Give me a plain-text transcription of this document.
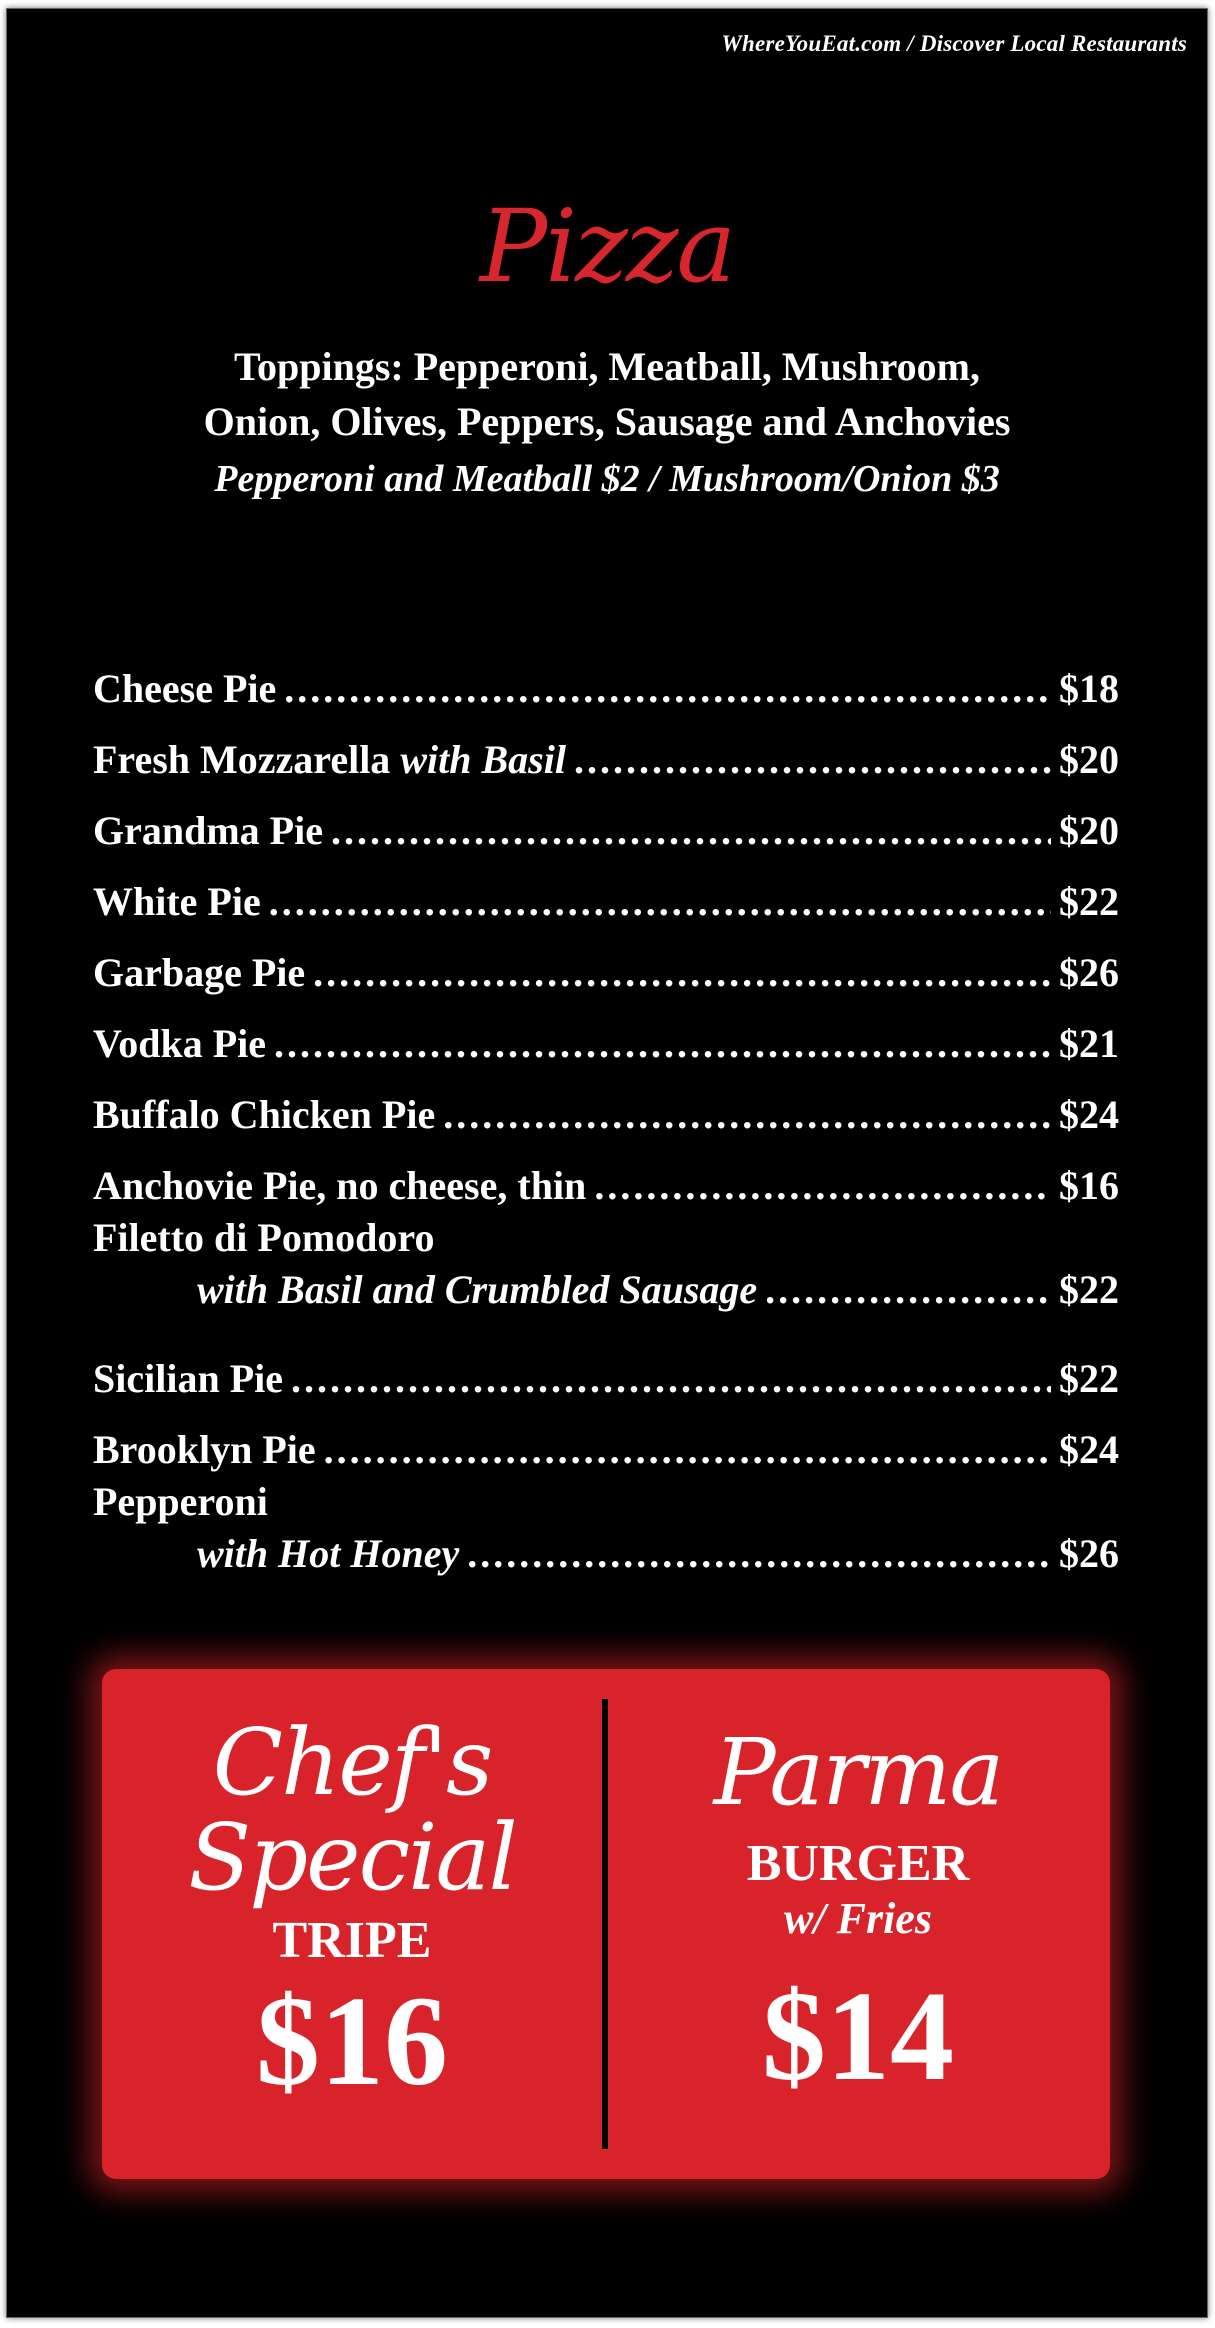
WhereYouEat.com / Discover Local Restaurants
Pizza
Toppings: Pepperoni, Meatball, Mushroom,
Onion, Olives, Peppers, Sausage and Anchovies
Pepperoni and Meatball $2 / Mushroom/Onion $3
Cheese Pie .....	$18
Fresh Mozzarella with Basil .....	$20
Grandma Pie .....	$20
White Pie .....	$22
Garbage Pie .....	$26
Vodka Pie .....	$21
Buffalo Chicken Pie .....	$24
Anchovie Pie, no cheese, thin .....	$16
Filetto di Pomodoro
with Basil and Crumbled Sausage .....	$22
Sicilian Pie .....	$22
Brooklyn Pie .....	$24
Pepperoni
with Hot Honey .....	$26
Chef's
Special
TRIPE
$16
Parma
BURGER
w/ Fries
$14
